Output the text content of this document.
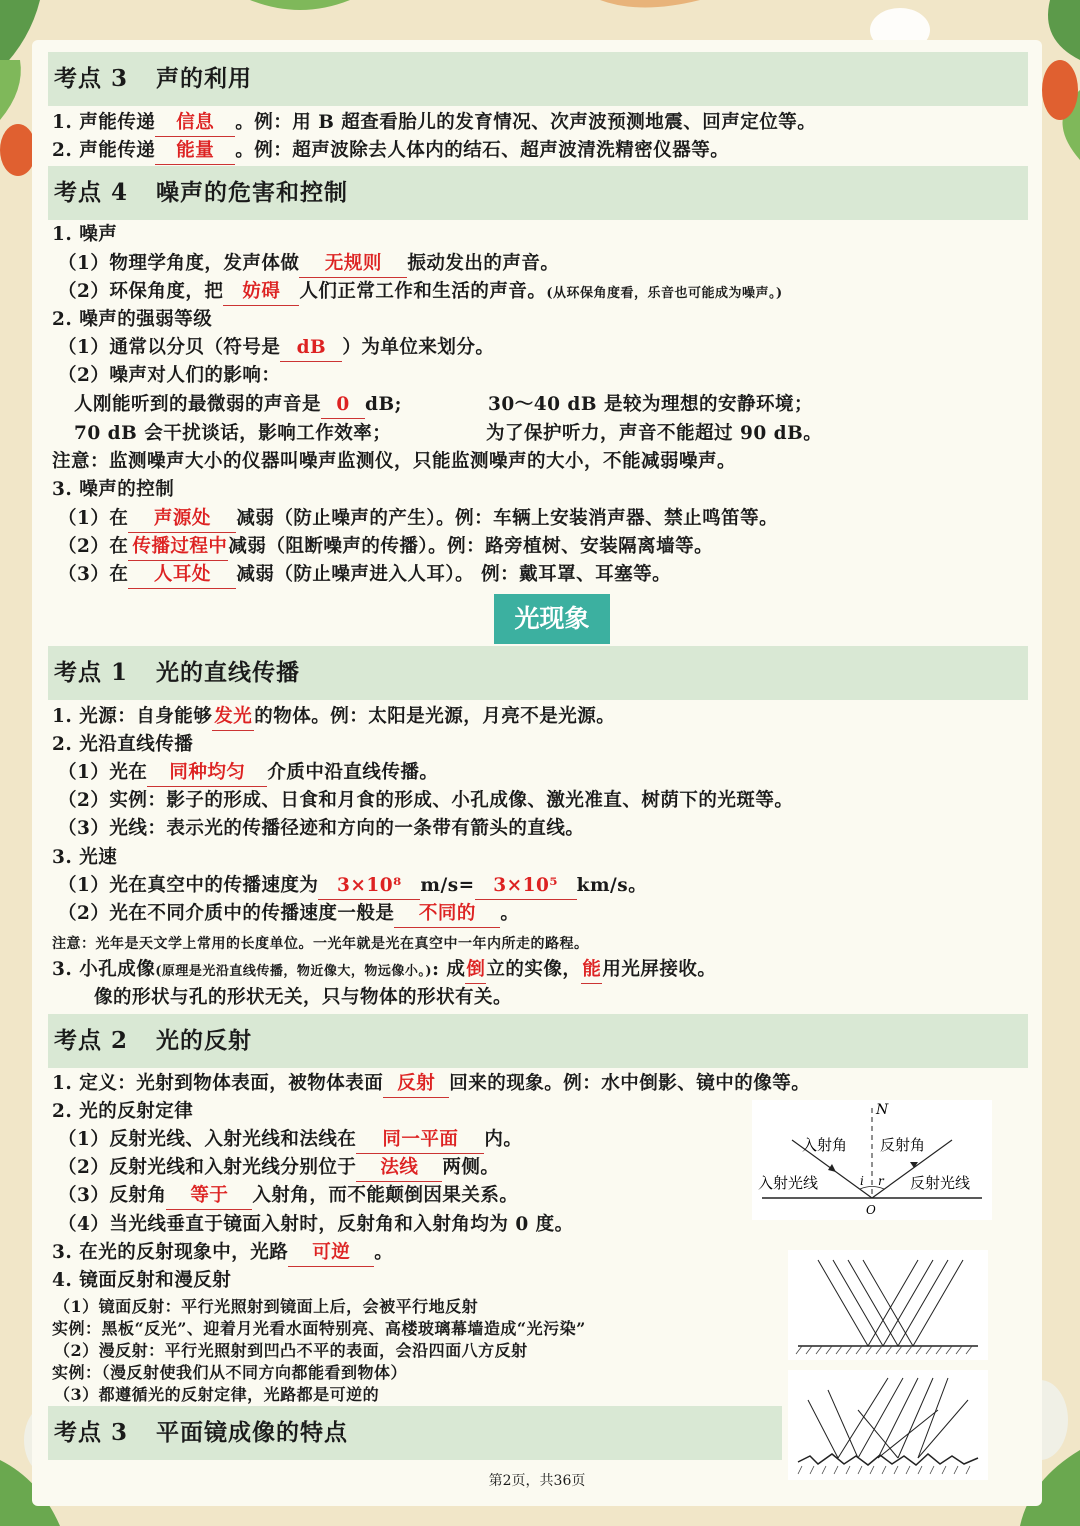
考点 3 声的利用
1. 声能传递 信息 。例：用 B 超查看胎儿的发育情况、次声波预测地震、回声定位等。
2. 声能传递 能量 。例：超声波除去人体内的结石、超声波清洗精密仪器等。
考点 4 噪声的危害和控制
1. 噪声
（1）物理学角度，发声体做 无规则 振动发出的声音。
（2）环保角度，把 妨碍 人们正常工作和生活的声音。(从环保角度看，乐音也可能成为噪声。)
2. 噪声的强弱等级
（1）通常以分贝（符号是 dB ）为单位来划分。
（2）噪声对人们的影响：
人刚能听到的最微弱的声音是 0 dB;	30～40 dB 是较为理想的安静环境；
70 dB 会干扰谈话，影响工作效率；	为了保护听力，声音不能超过 90 dB。
注意：监测噪声大小的仪器叫噪声监测仪，只能监测噪声的大小，不能减弱噪声。
3. 噪声的控制
（1）在 声源处 减弱（防止噪声的产生）。例：车辆上安装消声器、禁止鸣笛等。
（2）在 传播过程中减弱（阻断噪声的传播）。例：路旁植树、安装隔离墙等。
（3）在 人耳处 减弱（防止噪声进入人耳）。 例：戴耳罩、耳塞等。
光现象
考点 1 光的直线传播
1. 光源：自身能够 发光 的物体。例：太阳是光源，月亮不是光源。
2. 光沿直线传播
（1）光在 同种均匀 介质中沿直线传播。
（2）实例：影子的形成、日食和月食的形成、小孔成像、激光准直、树荫下的光斑等。
（3）光线：表示光的传播径迹和方向的一条带有箭头的直线。
3. 光速
（1）光在真空中的传播速度为 3×10⁸ m/s= 3×10⁵ km/s。
（2）光在不同介质中的传播速度一般是 不同的 。
注意：光年是天文学上常用的长度单位。一光年就是光在真空中一年内所走的路程。
3. 小孔成像(原理是光沿直线传播，物近像大，物远像小。): 成倒立的实像，能用光屏接收。
像的形状与孔的形状无关，只与物体的形状有关。
考点 2 光的反射
1. 定义：光射到物体表面，被物体表面 反射 回来的现象。例：水中倒影、镜中的像等。
2. 光的反射定律
（1）反射光线、入射光线和法线在 同一平面 内。
（2）反射光线和入射光线分别位于 法线 两侧。
（3）反射角 等于 入射角，而不能颠倒因果关系。
（4）当光线垂直于镜面入射时，反射角和入射角均为 0 度。
3. 在光的反射现象中，光路 可逆 。
4. 镜面反射和漫反射
（1）镜面反射：平行光照射到镜面上后，会被平行地反射
实例：黑板“反光”、迎着月光看水面特别亮、高楼玻璃幕墙造成“光污染”
（2）漫反射：平行光照射到凹凸不平的表面，会沿四面八方反射
实例：（漫反射使我们从不同方向都能看到物体）
（3）都遵循光的反射定律，光路都是可逆的
考点 3 平面镜成像的特点
N
入射角 反射角
入射光线	反射光线
i r
O
第2页，共36页
